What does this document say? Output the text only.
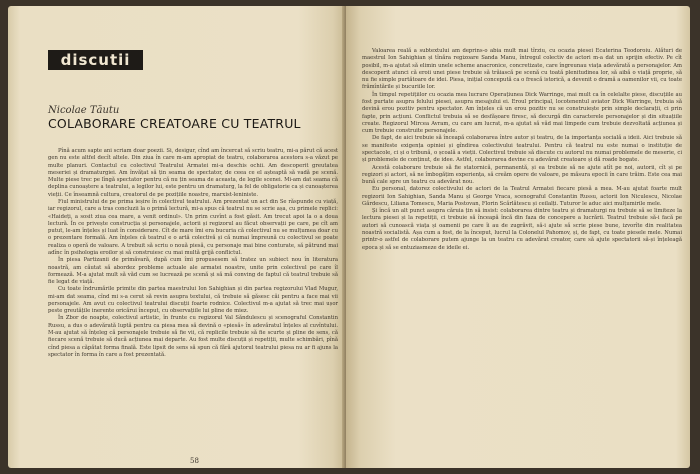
discutii
Nicolae Tăutu
COLABORARE CREATOARE CU TEATRUL

Pînă acum sapte ani scriam doar poezii. Si, desigur, cînd am încercat să scriu teatru, mi-a părut că acest gen nu este altfel decît altele. Din ziua în care m-am apropiat de teatru, colaborarea acestora s-a văzut pe multe planuri. Contactul cu colectivul Teatrului Armatei mi-a deschis ochii. Am descoperit greutatea meseriei și dramaturgiei. Am învățat să țin seama de spectator, de ceea ce el așteaptă să vadă pe scenă. Multe piese trec pe lîngă spectator pentru că nu țin seama de aceasta, de legile scenei. Mi-am dat seama că deplina cunoaștere a teatrului, a legilor lui, este pentru un dramaturg, la fel de obligatorie ca și cunoașterea vieții. Ce înseamnă cultura, creatorul de pe pozițiile noastre, marxist-leniniste.

Fiul ministrului de pe prima ieșire în colectivul teatrului. Am prezentat un act din Se răspunde cu viață, iar regizorul, care a tras concluzii la o primă lectură, mi-a spus că teatrul nu se scrie așa, cu primele replici: «Haideți, a sosit ziua cea mare, a venit ordinul». Un prim cuvînt a fost găsit. Am trecut apoi la o a doua lectură. În ce privește construcția și personajele, actorii și regizorul au făcut observații pe care, pe cît am putut, le-am înțeles și luat în considerare. Cît de mare îmi era bucuria că colectivul nu se mulțumea doar cu o prezentare formală. Am înțeles că teatrul e o artă colectivă și că numai împreună cu colectivul se poate realiza o operă de valoare. A trebuit să scriu o nouă piesă, cu personaje mai bine conturate, să pătrund mai adînc în psihologia eroilor și să construiesc cu mai multă grijă conflictul.

În piesa Partizanii de primăvară, după cum îmi propusesem să tratez un subiect nou în literatura noastră, am căutat să abordez probleme actuale ale armatei noastre, unite prin colectivul pe care îl formează. M-a ajutat mult să văd cum se lucrează pe scenă și să mă conving de faptul că teatrul trebuie să fie legat de viață.

Cu toate îndrumările primite din partea maestrului Ion Sahighian și din partea regizorului Vlad Mugur, mi-am dat seama, cînd mi s-a cerut să revin asupra textului, că trebuie să găsesc căi pentru a face mai vii personajele. Am avut cu colectivul teatrului discuții foarte rodnice. Colectivul m-a ajutat să trec mai ușor peste greutățile inerente oricărui început, cu observațiile lui pline de miez.

În Zbor de noapte, colectivul artistic, în frunte cu regizorul Val Săndulescu și scenograful Constantin Russu, a dus o adevărată luptă pentru ca piesa mea să devină o «piesă» în adevăratul înțeles al cuvîntului. M-au ajutat să înțeleg că personajele trebuie să fie vii, că replicile trebuie să fie scurte și pline de sens, că fiecare scenă trebuie să ducă acțiunea mai departe. Au fost multe discuții și repetiții, multe schimbări, pînă cînd piesa a căpătat forma finală. Este lipsit de sens să spun că fără ajutorul teatrului piesa nu ar fi ajuns la spectator în forma în care a fost prezentată.

58

Valoarea reală a subtextului am deprins-o abia mult mai tîrziu, cu ocazia piesei Ecaterina Teodoroiu. Alături de maestrul Ion Sahighian și tînăra regizoare Sanda Manu, întregul colectiv de actori m-a dat un sprijin efectiv. Pe cît posibil, m-a ajutat să elimin unele scheme anacronice, concretizate, care îngreunau viața adevărată a personajelor. Am descoperit atunci că eroii unei piese trebuie să trăiască pe scenă cu toată plenitudinea lor, să aibă o viață proprie, să nu fie simple purtătoare de idei. Piesa, inițial concepută ca o frescă istorică, a devenit o dramă a oamenilor vii, cu toate frămîntările și bucuriile lor.

În timpul repetițiilor cu ocazia mea lucrare Operațiunea Dick Warringe, mai mult ca în celelalte piese, discuțiile au fost purtate asupra felului piesei, asupra mesajului ei. Eroul principal, locotenentul aviator Dick Warringe, trebuia să devină erou pozitiv pentru spectator. Am înțeles că un erou pozitiv nu se construiește prin simple declarații, ci prin fapte, prin acțiuni. Conflictul trebuia să se desfășoare firesc, să decurgă din caracterele personajelor și din situațiile create. Regizorul Mircea Avram, cu care am lucrat, m-a ajutat să văd mai limpede cum trebuie dezvoltată acțiunea și cum trebuie construite personajele.

De fapt, de aici trebuie să înceapă colaborarea între autor și teatru, de la importanța socială a ideii. Aici trebuie să se manifeste exigența opiniei și gîndirea colectivului teatrului. Pentru că teatrul nu este numai o instituție de spectacole, ci și o tribună, o școală a vieții. Colectivul trebuie să discute cu autorul nu numai problemele de meserie, ci și problemele de conținut, de idee. Astfel, colaborarea devine cu adevărat creatoare și dă roade bogate.

Acestă colaborare trebuie să fie statornică, permanentă, și ea trebuie să ne ajute atît pe noi, autorii, cît și pe regizori și actori, să ne îmbogățim experiența, să creăm opere de valoare, pe măsura epocii în care trăim. Este cea mai bună cale spre un teatru cu adevărat nou.

Eu personal, datorez colectivului de actori de la Teatrul Armatei fiecare piesă a mea. M-au ajutat foarte mult regizorii Ion Sahighian, Sanda Manu și George Vraca, scenograful Constantin Russu, actorii Ion Niculescu, Nicolae Gărdescu, Liliana Tomescu, Maria Postovan, Florin Scărlătescu și ceilalți. Tuturor le aduc aici mulțumirile mele.

Și încă un alt punct asupra căruia țin să insist: colaborarea dintre teatru și dramaturgi nu trebuie să se limiteze la lectura piesei și la repetiții, ci trebuie să înceapă încă din faza de concepere a lucrării. Teatrul trebuie să-i facă pe autori să cunoască viața și oamenii pe care îi au de zugrăvit, să-i ajute să scrie piese bune, izvorîte din realitatea noastră socialistă. Așa cum a fost, de la început, lucrul la Colonelul Pahomov, și, de fapt, cu toate piesele mele. Numai printr-o astfel de colaborare putem ajunge la un teatru cu adevărat creator, care să ajute spectatorii să-și înțeleagă epoca și să se entuziasmeze de ideile ei.
